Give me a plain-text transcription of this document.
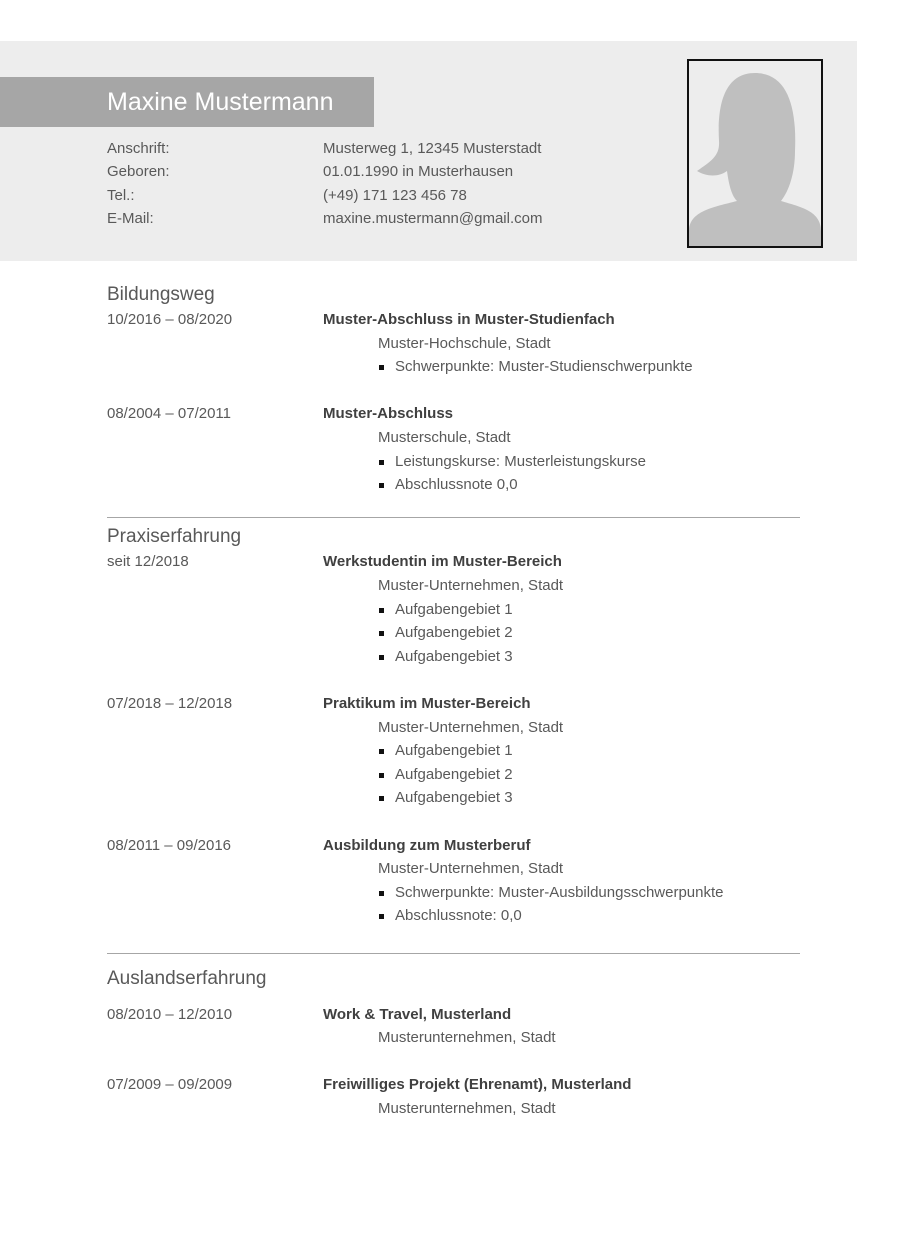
Maxine Mustermann
Anschrift:	Musterweg 1, 12345 Musterstadt
Geboren:	01.01.1990 in Musterhausen
Tel.:	(+49) 171 123 456 78
E-Mail:	maxine.mustermann@gmail.com
Bildungsweg
10/2016 – 08/2020	Muster-Abschluss in Muster-Studienfach
Muster-Hochschule, Stadt
Schwerpunkte: Muster-Studienschwerpunkte
08/2004 – 07/2011	Muster-Abschluss
Musterschule, Stadt
Leistungskurse: Musterleistungskurse
Abschlussnote 0,0
Praxiserfahrung
seit 12/2018	Werkstudentin im Muster-Bereich
Muster-Unternehmen, Stadt
Aufgabengebiet 1
Aufgabengebiet 2
Aufgabengebiet 3
07/2018 – 12/2018	Praktikum im Muster-Bereich
Muster-Unternehmen, Stadt
Aufgabengebiet 1
Aufgabengebiet 2
Aufgabengebiet 3
08/2011 – 09/2016	Ausbildung zum Musterberuf
Muster-Unternehmen, Stadt
Schwerpunkte: Muster-Ausbildungsschwerpunkte
Abschlussnote: 0,0
Auslandserfahrung
08/2010 – 12/2010	Work & Travel, Musterland
Musterunternehmen, Stadt
07/2009 – 09/2009	Freiwilliges Projekt (Ehrenamt), Musterland
Musterunternehmen, Stadt
